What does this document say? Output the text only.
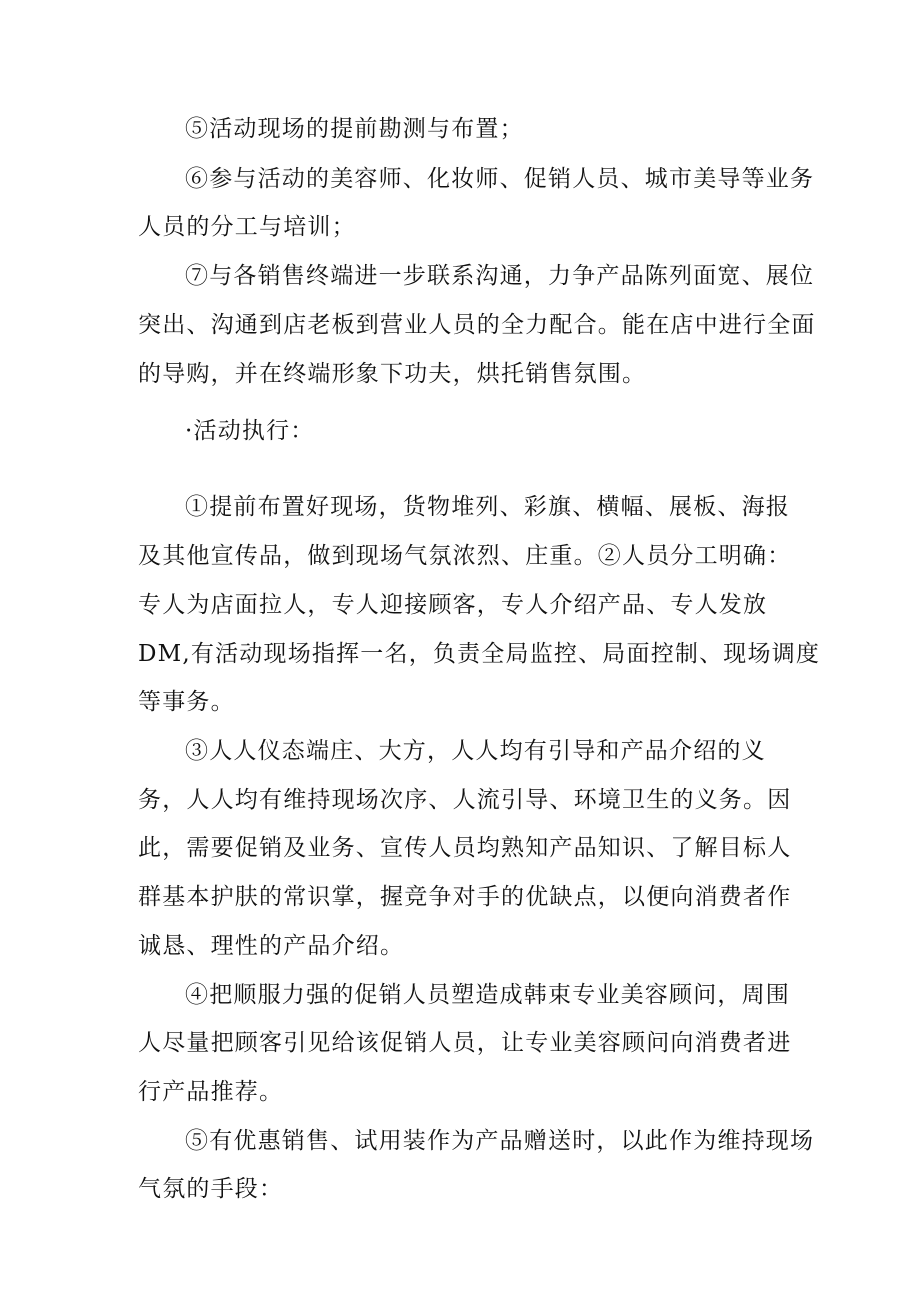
⑤活动现场的提前勘测与布置；

⑥参与活动的美容师、化妆师、促销人员、城市美导等业务

人员的分工与培训；

⑦与各销售终端进一步联系沟通，力争产品陈列面宽、展位

突出、沟通到店老板到营业人员的全力配合。能在店中进行全面

的导购，并在终端形象下功夫，烘托销售氛围。

·活动执行：

①提前布置好现场，货物堆列、彩旗、横幅、展板、海报

及其他宣传品，做到现场气氛浓烈、庄重。②人员分工明确：

专人为店面拉人，专人迎接顾客，专人介绍产品、专人发放

DM,有活动现场指挥一名，负责全局监控、局面控制、现场调度

等事务。

③人人仪态端庄、大方，人人均有引导和产品介绍的义

务，人人均有维持现场次序、人流引导、环境卫生的义务。因

此，需要促销及业务、宣传人员均熟知产品知识、了解目标人

群基本护肤的常识掌，握竞争对手的优缺点，以便向消费者作

诚恳、理性的产品介绍。

④把顺服力强的促销人员塑造成韩束专业美容顾问，周围

人尽量把顾客引见给该促销人员，让专业美容顾问向消费者进

行产品推荐。

⑤有优惠销售、试用装作为产品赠送时，以此作为维持现场

气氛的手段：
